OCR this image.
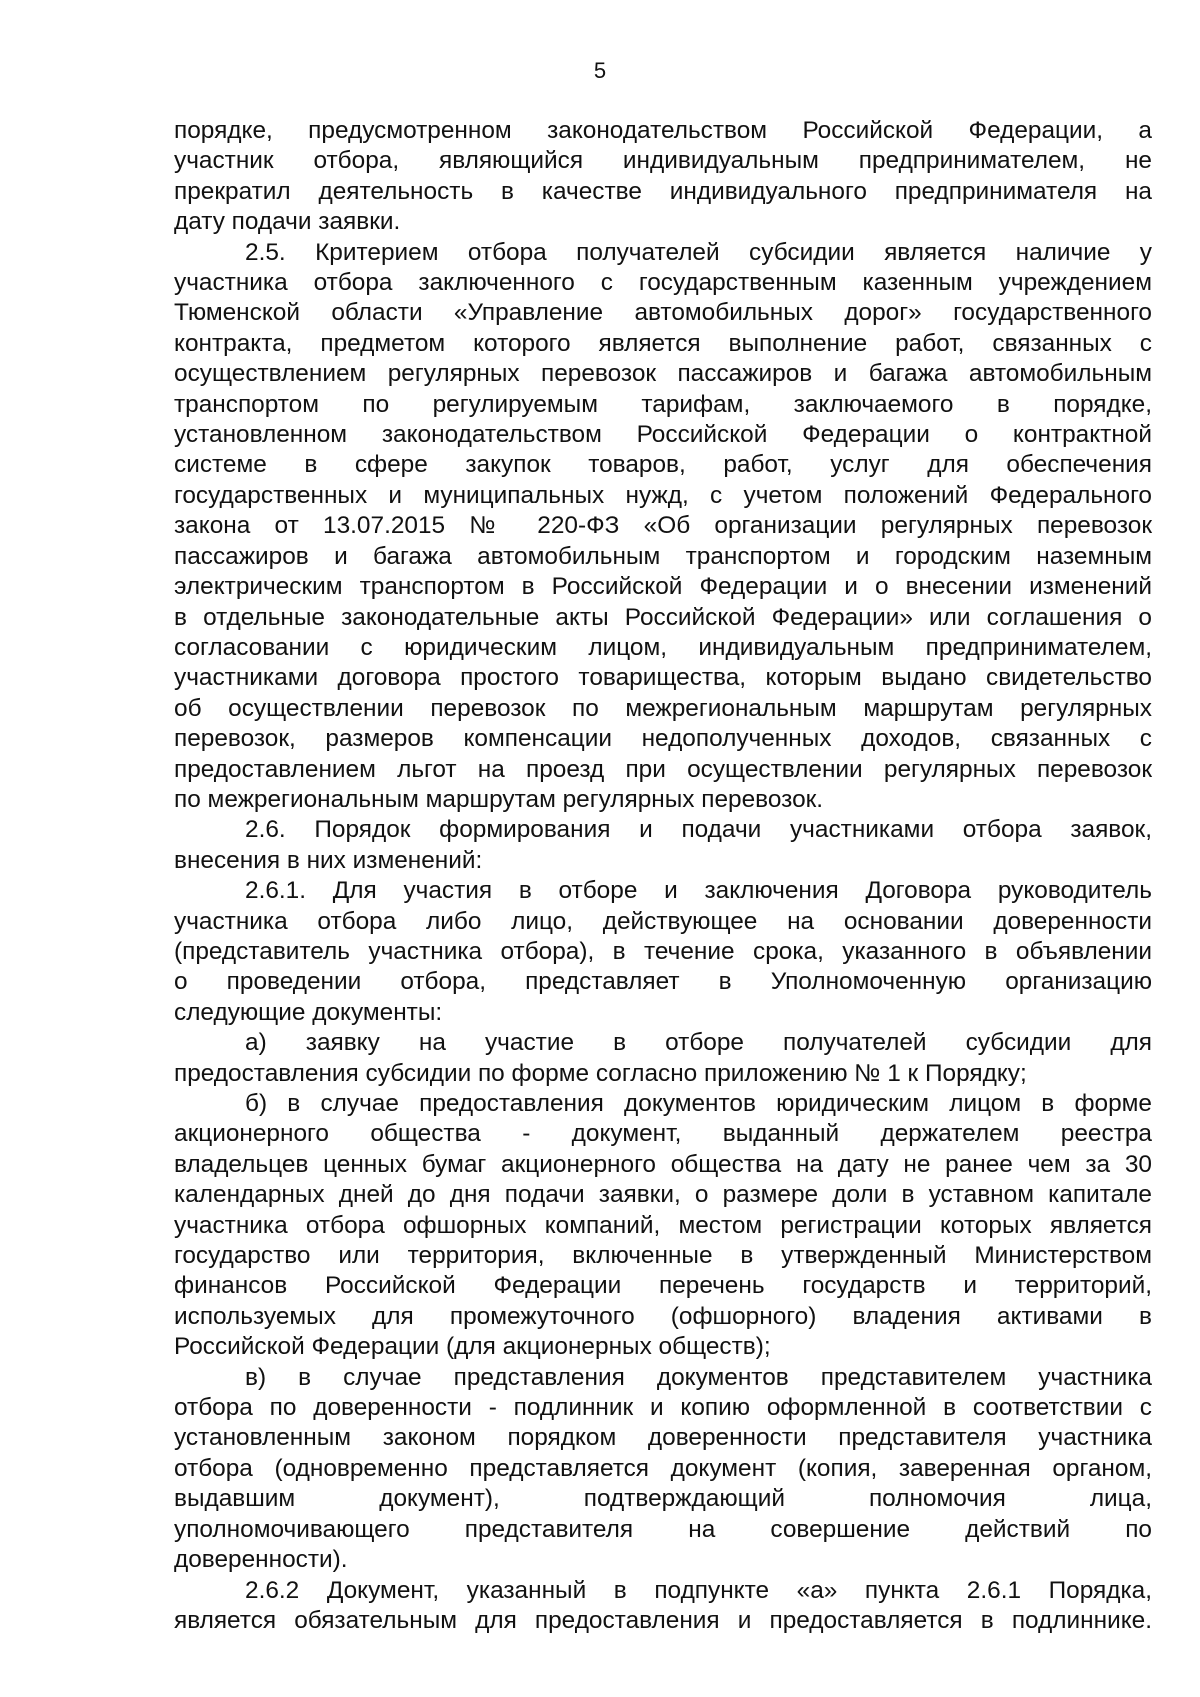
5
порядке, предусмотренном законодательством Российской Федерации, а
участник отбора, являющийся индивидуальным предпринимателем, не
прекратил деятельность в качестве индивидуального предпринимателя на
дату подачи заявки.
2.5. Критерием отбора получателей субсидии является наличие у
участника отбора заключенного с государственным казенным учреждением
Тюменской области «Управление автомобильных дорог» государственного
контракта, предметом которого является выполнение работ, связанных с
осуществлением регулярных перевозок пассажиров и багажа автомобильным
транспортом по регулируемым тарифам, заключаемого в порядке,
установленном законодательством Российской Федерации о контрактной
системе в сфере закупок товаров, работ, услуг для обеспечения
государственных и муниципальных нужд, с учетом положений Федерального
закона от 13.07.2015 № 220-ФЗ «Об организации регулярных перевозок
пассажиров и багажа автомобильным транспортом и городским наземным
электрическим транспортом в Российской Федерации и о внесении изменений
в отдельные законодательные акты Российской Федерации» или соглашения о
согласовании с юридическим лицом, индивидуальным предпринимателем,
участниками договора простого товарищества, которым выдано свидетельство
об осуществлении перевозок по межрегиональным маршрутам регулярных
перевозок, размеров компенсации недополученных доходов, связанных с
предоставлением льгот на проезд при осуществлении регулярных перевозок
по межрегиональным маршрутам регулярных перевозок.
2.6. Порядок формирования и подачи участниками отбора заявок,
внесения в них изменений:
2.6.1. Для участия в отборе и заключения Договора руководитель
участника отбора либо лицо, действующее на основании доверенности
(представитель участника отбора), в течение срока, указанного в объявлении
о проведении отбора, представляет в Уполномоченную организацию
следующие документы:
а) заявку на участие в отборе получателей субсидии для
предоставления субсидии по форме согласно приложению № 1 к Порядку;
б) в случае предоставления документов юридическим лицом в форме
акционерного общества - документ, выданный держателем реестра
владельцев ценных бумаг акционерного общества на дату не ранее чем за 30
календарных дней до дня подачи заявки, о размере доли в уставном капитале
участника отбора офшорных компаний, местом регистрации которых является
государство или территория, включенные в утвержденный Министерством
финансов Российской Федерации перечень государств и территорий,
используемых для промежуточного (офшорного) владения активами в
Российской Федерации (для акционерных обществ);
в) в случае представления документов представителем участника
отбора по доверенности - подлинник и копию оформленной в соответствии с
установленным законом порядком доверенности представителя участника
отбора (одновременно представляется документ (копия, заверенная органом,
выдавшим документ), подтверждающий полномочия лица,
уполномочивающего представителя на совершение действий по
доверенности).
2.6.2 Документ, указанный в подпункте «а» пункта 2.6.1 Порядка,
является обязательным для предоставления и предоставляется в подлиннике.
